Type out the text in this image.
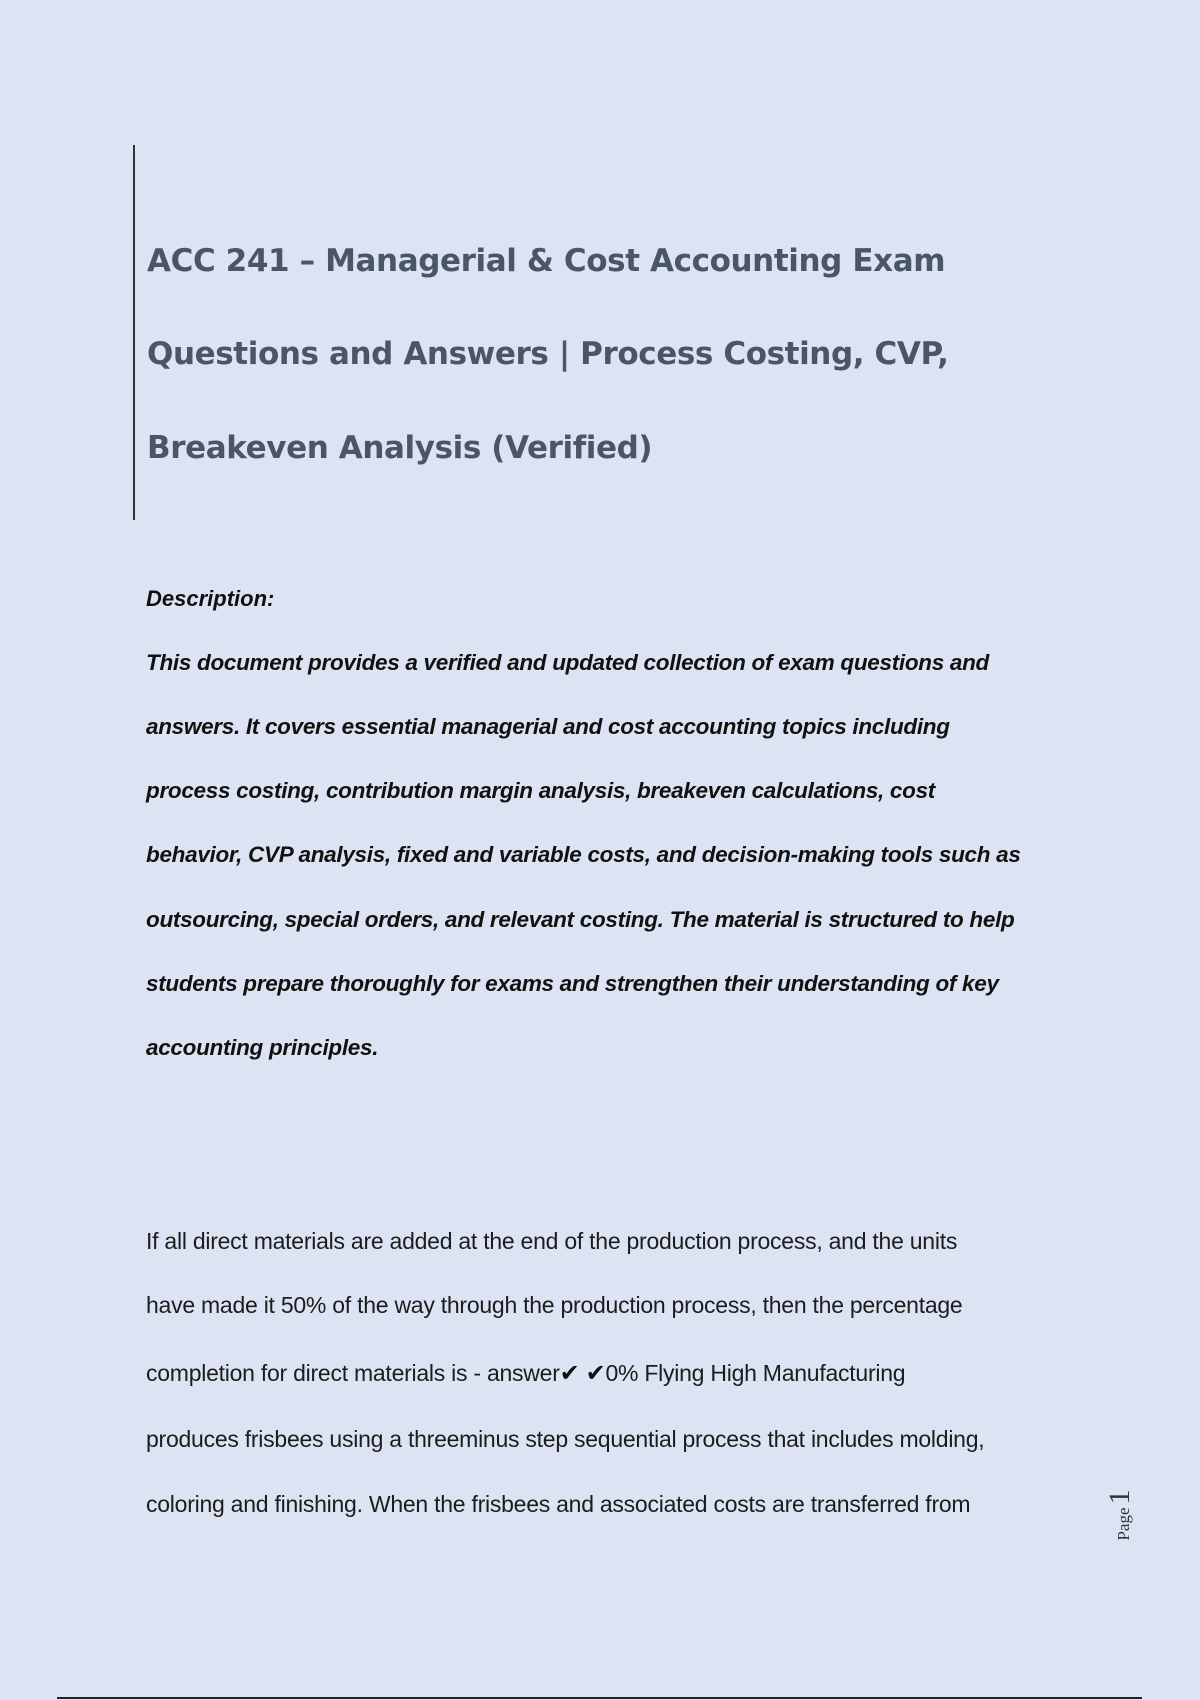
ACC 241 – Managerial & Cost Accounting Exam
Questions and Answers | Process Costing, CVP,
Breakeven Analysis (Verified)
Description:
This document provides a verified and updated collection of exam questions and
answers. It covers essential managerial and cost accounting topics including
process costing, contribution margin analysis, breakeven calculations, cost
behavior, CVP analysis, fixed and variable costs, and decision-making tools such as
outsourcing, special orders, and relevant costing. The material is structured to help
students prepare thoroughly for exams and strengthen their understanding of key
accounting principles.
If all direct materials are added at the end of the production process, and the units
have made it 50% of the way through the production process, then the percentage
completion for direct materials is - answer✔ ✔0% Flying High Manufacturing
produces frisbees using a threeminus step sequential process that includes molding,
coloring and finishing. When the frisbees and associated costs are transferred from
Page
1
